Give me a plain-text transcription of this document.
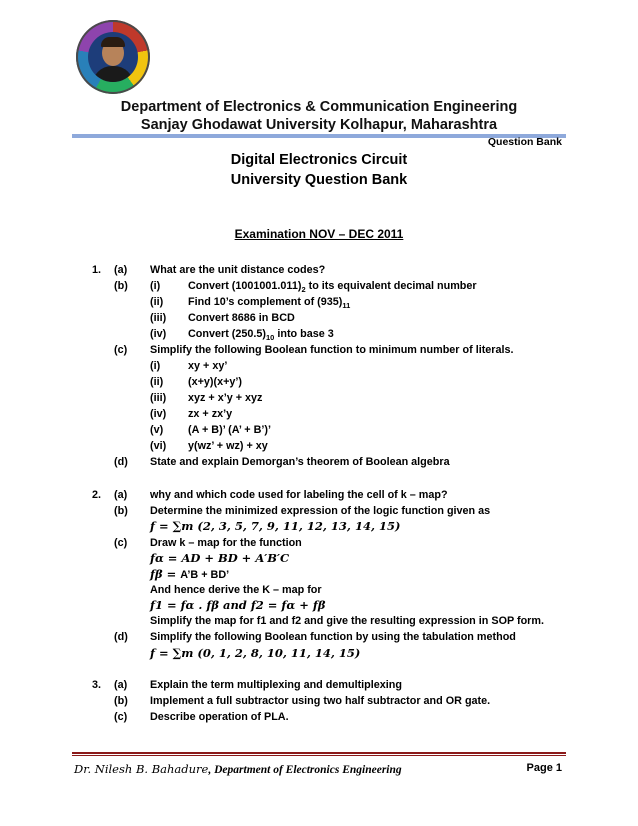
Department of Electronics & Communication Engineering
Sanjay Ghodawat University Kolhapur, Maharashtra
Question Bank
Digital Electronics Circuit
University Question Bank
Examination NOV – DEC 2011
1. (a) What are the unit distance codes?
(b) (i)	Convert $(1001001.011)_2$ to its equivalent decimal number
(ii) Find 10’s complement of $(935)_{11}$
(iii) Convert 8686 in BCD
(iv) Convert $(250.5)_{10}$ into base 3
(c) Simplify the following Boolean function to minimum number of literals.
(i)	xy + xy’
(ii) (x+y)(x+y’)
(iii) xyz + x’y + xyz
(iv) zx + zx’y
(v) (A + B)’ (A’ + B’)’
(vi) y(wz’ + wz) + xy
(d) State and explain Demorgan’s theorem of Boolean algebra
2. (a) why and which code used for labeling the cell of k – map?
(b) Determine the minimized expression of the logic function given as
f = ∑m (2, 3, 5, 7, 9, 11, 12, 13, 14, 15)
(c) Draw k – map for the function
fα = AD + BD + A′B′C
fβ = A’B + BD’
And hence derive the K – map for
f1 = fα . fβ and f2 = fα + fβ
Simplify the map for f1 and f2 and give the resulting expression in SOP form.
(d) Simplify the following Boolean function by using the tabulation method
f = ∑m (0, 1, 2, 8, 10, 11, 14, 15)
3. (a) Explain the term multiplexing and demultiplexing
(b) Implement a full subtractor using two half subtractor and OR gate.
(c) Describe operation of PLA.
Dr. Nilesh B. Bahadure, Department of Electronics Engineering	Page 1
